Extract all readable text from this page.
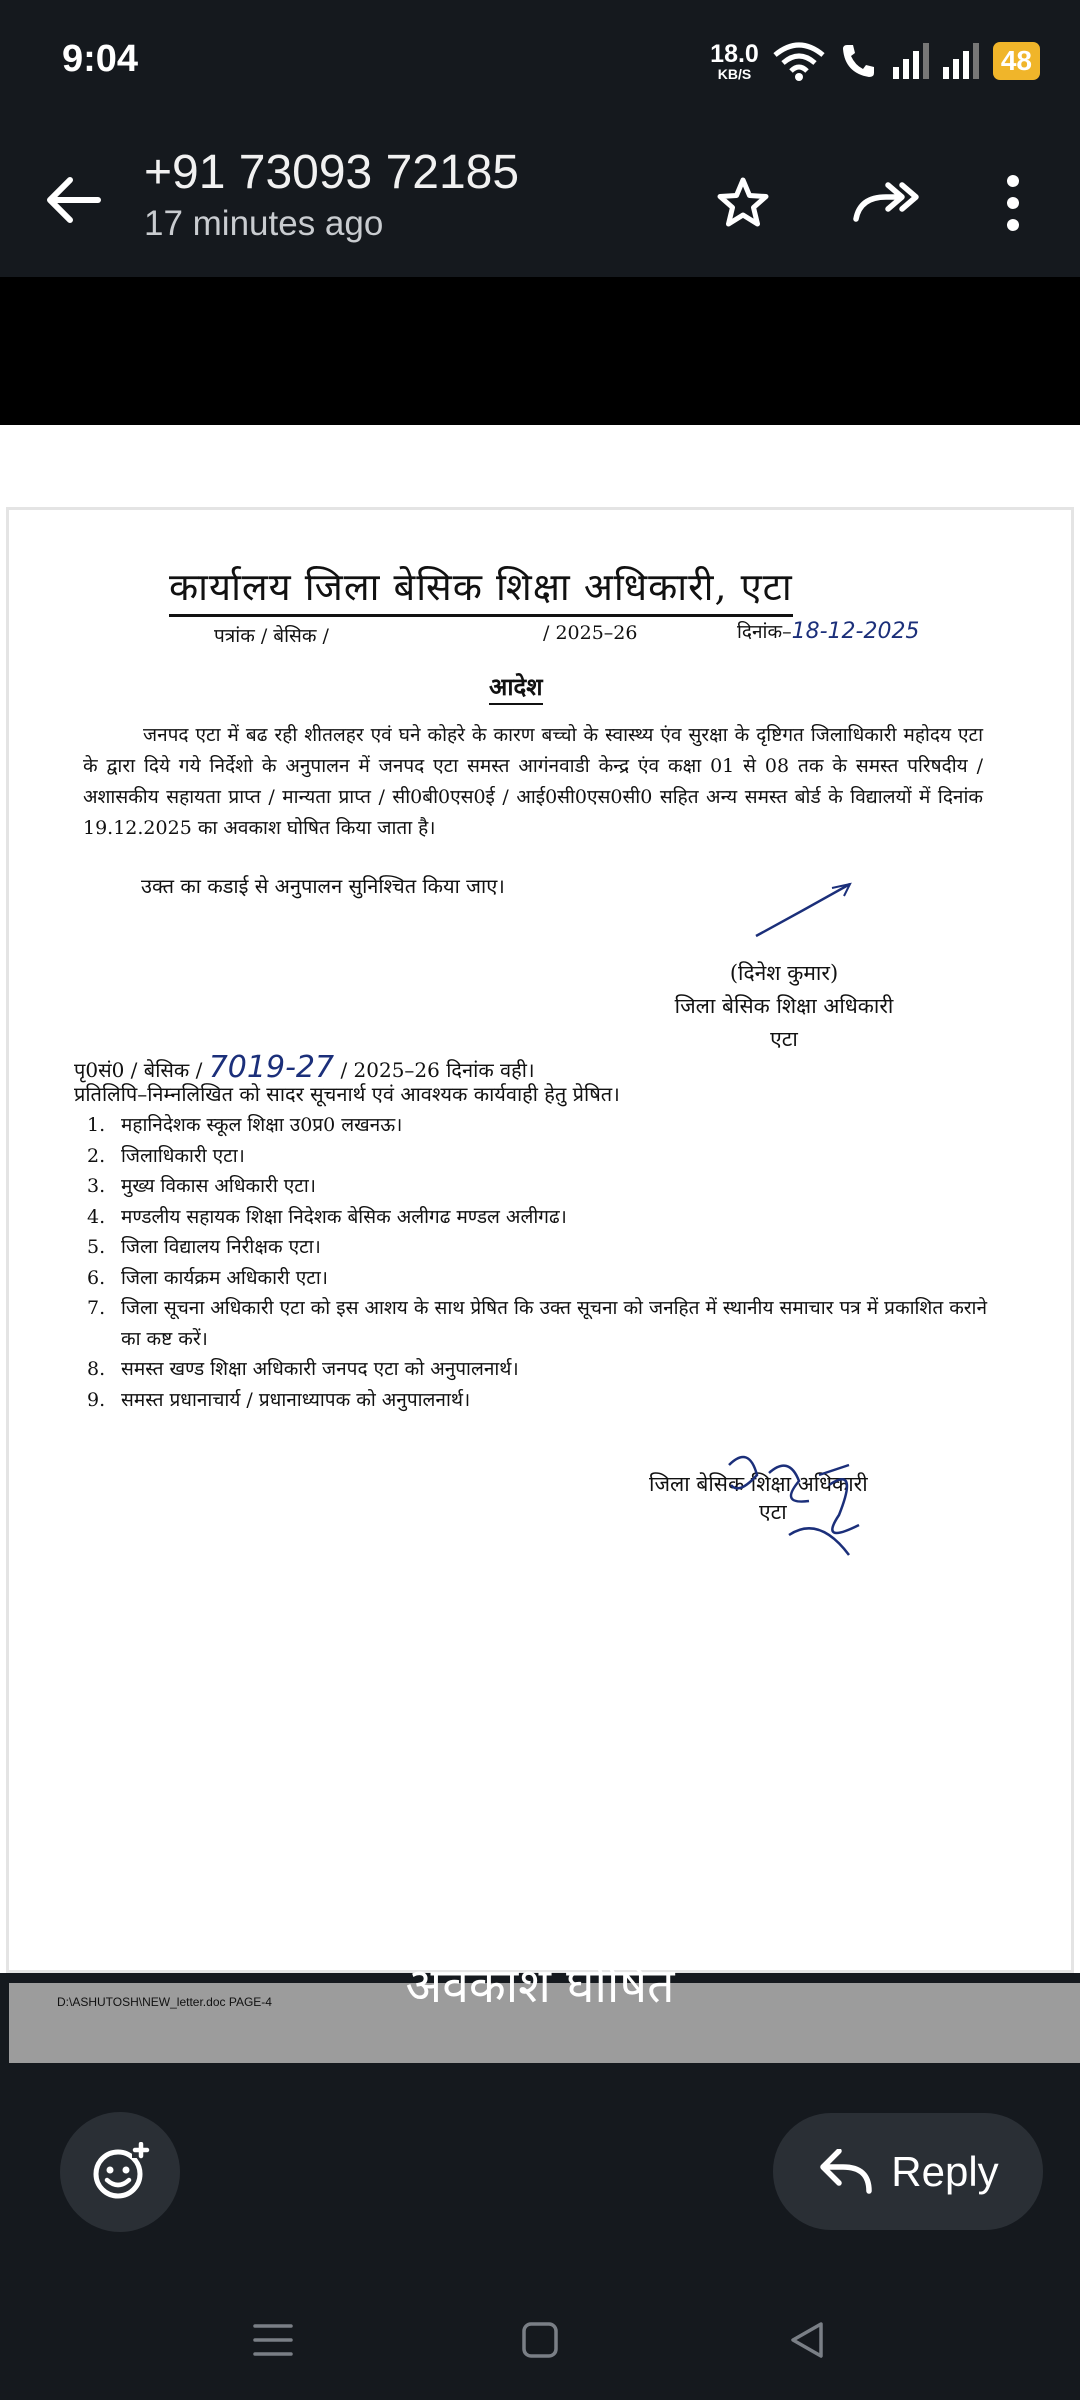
9:04	18.0
KB/S	48
+91 73093 72185
17 minutes ago
कार्यालय जिला बेसिक शिक्षा अधिकारी, एटा
पत्रांक / बेसिक /	/ 2025–26	दिनांक–18-12-2025
आदेश
जनपद एटा में बढ रही शीतलहर एवं घने कोहरे के कारण बच्चो के स्वास्थ्य एंव सुरक्षा के दृष्टिगत जिलाधिकारी महोदय एटा के द्वारा दिये गये निर्देशो के अनुपालन में जनपद एटा समस्त आगंनवाडी केन्द्र एंव कक्षा 01 से 08 तक के समस्त परिषदीय / अशासकीय सहायता प्राप्त / मान्यता प्राप्त / सी0बी0एस0ई / आई0सी0एस0सी0 सहित अन्य समस्त बोर्ड के विद्यालयों में दिनांक 19.12.2025 का अवकाश घोषित किया जाता है।
उक्त का कडाई से अनुपालन सुनिश्चित किया जाए।
(दिनेश कुमार)
जिला बेसिक शिक्षा अधिकारी
एटा
पृ0सं0 / बेसिक / 7019-27 / 2025–26 दिनांक वही।
प्रतिलिपि–निम्नलिखित को सादर सूचनार्थ एवं आवश्यक कार्यवाही हेतु प्रेषित।
1. महानिदेशक स्कूल शिक्षा उ0प्र0 लखनऊ।
2. जिलाधिकारी एटा।
3. मुख्य विकास अधिकारी एटा।
4. मण्डलीय सहायक शिक्षा निदेशक बेसिक अलीगढ मण्डल अलीगढ।
5. जिला विद्यालय निरीक्षक एटा।
6. जिला कार्यक्रम अधिकारी एटा।
7. जिला सूचना अधिकारी एटा को इस आशय के साथ प्रेषित कि उक्त सूचना को जनहित में स्थानीय समाचार पत्र में प्रकाशित कराने का कष्ट करें।
8. समस्त खण्ड शिक्षा अधिकारी जनपद एटा को अनुपालनार्थ।
9. समस्त प्रधानाचार्य / प्रधानाध्यापक को अनुपालनार्थ।
जिला बेसिक शिक्षा अधिकारी
एटा
D:\ASHUTOSH\NEW_letter.doc PAGE-4	अवकाश घोषित
Reply
